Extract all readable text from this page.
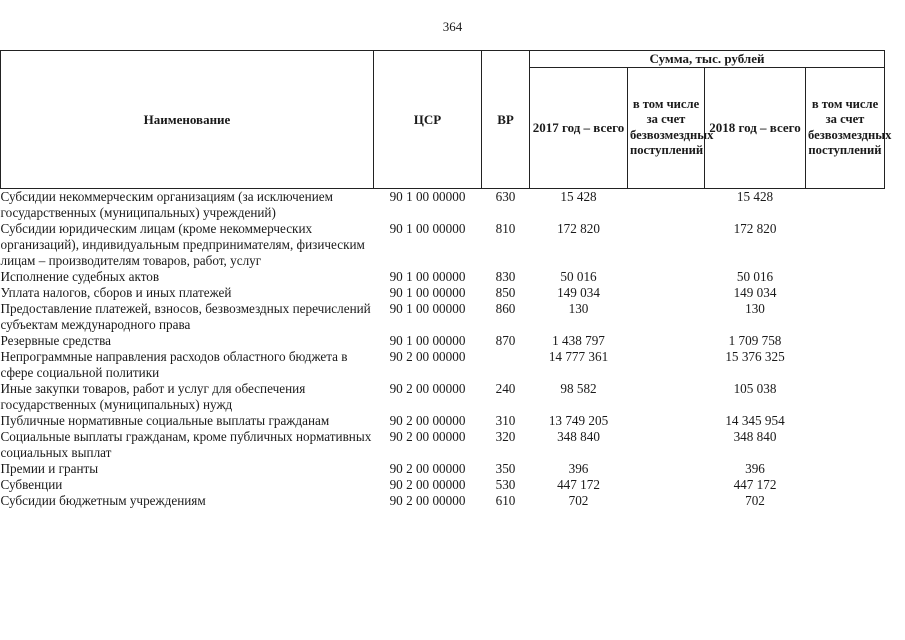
364
Наименование	ЦСР	ВР	Сумма, тыс. рублей			
			2017 год – всего	в том числе за счет безвозмездных поступлений	2018 год – всего	в том числе за счет безвозмездных поступлений
Субсидии некоммерческим организациям (за исключением государственных (муниципальных) учреждений)	90 1 00 00000	630	15 428		15 428	
Субсидии юридическим лицам (кроме некоммерческих организаций), индивидуальным предпринимателям, физическим лицам – производителям товаров, работ, услуг	90 1 00 00000	810	172 820		172 820	
Исполнение судебных актов	90 1 00 00000	830	50 016		50 016	
Уплата налогов, сборов и иных платежей	90 1 00 00000	850	149 034		149 034	
Предоставление платежей, взносов, безвозмездных перечислений субъектам международного права	90 1 00 00000	860	130		130	
Резервные средства	90 1 00 00000	870	1 438 797		1 709 758	
Непрограммные направления расходов областного бюджета в сфере социальной политики	90 2 00 00000		14 777 361		15 376 325	
Иные закупки товаров, работ и услуг для обеспечения государственных (муниципальных) нужд	90 2 00 00000	240	98 582		105 038	
Публичные нормативные социальные выплаты гражданам	90 2 00 00000	310	13 749 205		14 345 954	
Социальные выплаты гражданам, кроме публичных нормативных социальных выплат	90 2 00 00000	320	348 840		348 840	
Премии и гранты	90 2 00 00000	350	396		396	
Субвенции	90 2 00 00000	530	447 172		447 172	
Субсидии бюджетным учреждениям	90 2 00 00000	610	702		702	
